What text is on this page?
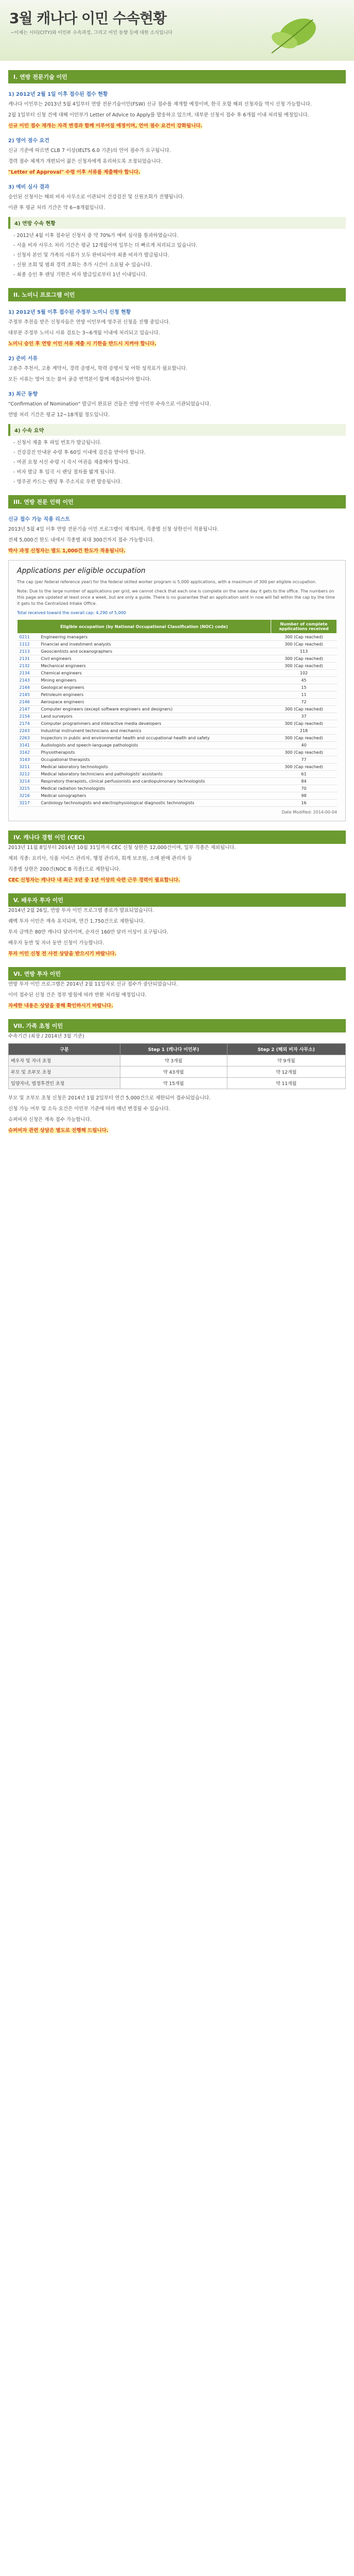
3월 캐나다 이민 수속현황
~이제는 시티(CITY)와 이민부 수속과정, 그리고 이민 동향 등에 대한 소식입니다
I. 연방 전문기술 이민
1) 2012년 2월 1일 이후 접수된 접수 현황

캐나다 이민부는 2013년 5월 4일부터 연방 전문기술이민(FSW) 신규 접수를 재개할 예정이며, 한국 포함 해외 신청자들 역시 신청 가능합니다.

2월 1일부터 신청 건에 대해 이민부가 Letter of Advice to Apply를 발송하고 있으며, 대부분 신청서 접수 후 6개월 이내 처리될 예정입니다.

신규 이민 접수 재개는 자격 변경과 함께 이루어질 예정이며, 언어 점수 요건이 강화됩니다.

2) 영어 점수 요건

신규 기준에 따르면 CLB 7 이상(IELTS 6.0 기준)의 언어 점수가 요구됩니다.

경력 점수 체계가 개편되어 젊은 신청자에게 유리하도록 조정되었습니다.

"Letter of Approval" 수령 이후 서류를 제출해야 합니다.

3) 예비 심사 결과

승인된 신청서는 해외 비자 사무소로 이관되어 건강검진 및 신원조회가 진행됩니다.

이관 후 평균 처리 기간은 약 6~8개월입니다.

4) 연방 수속 현황

- 2012년 4월 이후 접수된 신청서 중 약 70%가 예비 심사를 통과하였습니다.

- 서울 비자 사무소 처리 기간은 평균 12개월이며 일부는 더 빠르게 처리되고 있습니다.

- 신청자 본인 및 가족의 서류가 모두 완비되어야 최종 비자가 발급됩니다.

- 신원 조회 및 범죄 경력 조회는 추가 시간이 소요될 수 있습니다.

- 최종 승인 후 랜딩 기한은 비자 발급일로부터 1년 이내입니다.

II. 노미니 프로그램 이민
1) 2012년 5월 이후 접수된 주정부 노미니 신청 현황

주정부 추천을 받은 신청자들은 연방 이민부에 영주권 신청을 진행 중입니다.

대부분 주정부 노미니 서류 검토는 3~6개월 이내에 처리되고 있습니다.

노미니 승인 후 연방 이민 서류 제출 시 기한을 반드시 지켜야 합니다.

2) 준비 서류

고용주 추천서, 고용 계약서, 경력 증명서, 학력 증명서 및 어학 성적표가 필요합니다.

모든 서류는 영어 또는 불어 공증 번역본이 함께 제출되어야 합니다.

3) 최근 동향

"Confirmation of Nomination" 발급이 완료된 건들은 연방 이민부 수속으로 이관되었습니다.

연방 처리 기간은 평균 12~18개월 정도입니다.

4) 수속 요약

- 신청서 제출 후 파일 번호가 발급됩니다.

- 건강검진 안내문 수령 후 60일 이내에 검진을 받아야 합니다.

- 여권 요청 서신 수령 시 즉시 여권을 제출해야 합니다.

- 비자 발급 후 입국 시 랜딩 절차를 밟게 됩니다.

- 영주권 카드는 랜딩 후 주소지로 우편 발송됩니다.

III. 연방 전문 인력 이민
신규 접수 가능 직종 리스트

2013년 5월 4일 이후 연방 전문기술 이민 프로그램이 재개되며, 직종별 신청 상한선이 적용됩니다.

전체 5,000건 한도 내에서 직종별 최대 300건까지 접수 가능합니다.

박사 과정 신청자는 별도 1,000건 한도가 적용됩니다.

Applications per eligible occupation

The cap (per federal reference year) for the federal skilled worker program is 5,000 applications, with a maximum of 300 per eligible occupation.

Note: Due to the large number of applications per grid, we cannot check that each one is complete on the same day it gets to the office. The numbers on this page are updated at least once a week, but are only a guide. There is no guarantee that an application sent in now will fall within the cap by the time it gets to the Centralized Intake Office.

Total received toward the overall cap: 4,290 of 5,000

Eligible occupation (by National Occupational Classification (NOC) code)		Number of complete applications received
0211	Engineering managers	300 (Cap reached)
1112	Financial and investment analysts	300 (Cap reached)
2113	Geoscientists and oceanographers	113
2131	Civil engineers	300 (Cap reached)
2132	Mechanical engineers	300 (Cap reached)
2134	Chemical engineers	102
2143	Mining engineers	45
2144	Geological engineers	15
2145	Petroleum engineers	11
2146	Aerospace engineers	72
2147	Computer engineers (except software engineers and designers)	300 (Cap reached)
2154	Land surveyors	37
2174	Computer programmers and interactive media developers	300 (Cap reached)
2243	Industrial instrument technicians and mechanics	218
2263	Inspectors in public and environmental health and occupational health and safety	300 (Cap reached)
3141	Audiologists and speech-language pathologists	40
3142	Physiotherapists	300 (Cap reached)
3143	Occupational therapists	77
3211	Medical laboratory technologists	300 (Cap reached)
3212	Medical laboratory technicians and pathologists' assistants	61
3214	Respiratory therapists, clinical perfusionists and cardiopulmonary technologists	84
3215	Medical radiation technologists	70
3216	Medical sonographers	98
3217	Cardiology technologists and electrophysiological diagnostic technologists	16
Date Modified: 2014-00-04
IV. 캐나다 경험 이민 (CEC)

2013년 11월 8일부터 2014년 10월 31일까지 CEC 신청 상한은 12,000건이며, 일부 직종은 제외됩니다.

제외 직종: 요리사, 식품 서비스 관리자, 행정 관리자, 회계 보조원, 소매 판매 관리자 등

직종별 상한은 200건(NOC B 직종)으로 제한됩니다.

CEC 신청자는 캐나다 내 최근 3년 중 1년 이상의 숙련 근무 경력이 필요합니다.

V. 배우자 투자 이민

2014년 2월 26일, 연방 투자 이민 프로그램 종료가 발표되었습니다.

퀘벡 투자 이민은 계속 유지되며, 연간 1,750건으로 제한됩니다.

투자 금액은 80만 캐나다 달러이며, 순자산 160만 달러 이상이 요구됩니다.

배우자 동반 및 자녀 동반 신청이 가능합니다.

투자 이민 신청 전 사전 상담을 받으시기 바랍니다.

VI. 연방 투자 이민

연방 투자 이민 프로그램은 2014년 2월 11일자로 신규 접수가 중단되었습니다.

이미 접수된 신청 건은 정부 방침에 따라 반환 처리될 예정입니다.

자세한 내용은 상담을 통해 확인하시기 바랍니다.

VII. 가족 초청 이민

수속기간 (최장 / 2014년 3월 기준)

구분	Step 1 (캐나다 이민부)	Step 2 (해외 비자 사무소)
배우자 및 자녀 초청	약 3개월	약 9개월
부모 및 조부모 초청	약 43개월	약 12개월
입양자녀, 법정후견인 초청	약 15개월	약 11개월

부모 및 조부모 초청 신청은 2014년 1월 2일부터 연간 5,000건으로 제한되어 접수되었습니다.

신청 가능 여부 및 소득 요건은 이민부 기준에 따라 매년 변경될 수 있습니다.

슈퍼비자 신청은 계속 접수 가능합니다.

슈퍼비자 관련 상담은 별도로 진행해 드립니다.
